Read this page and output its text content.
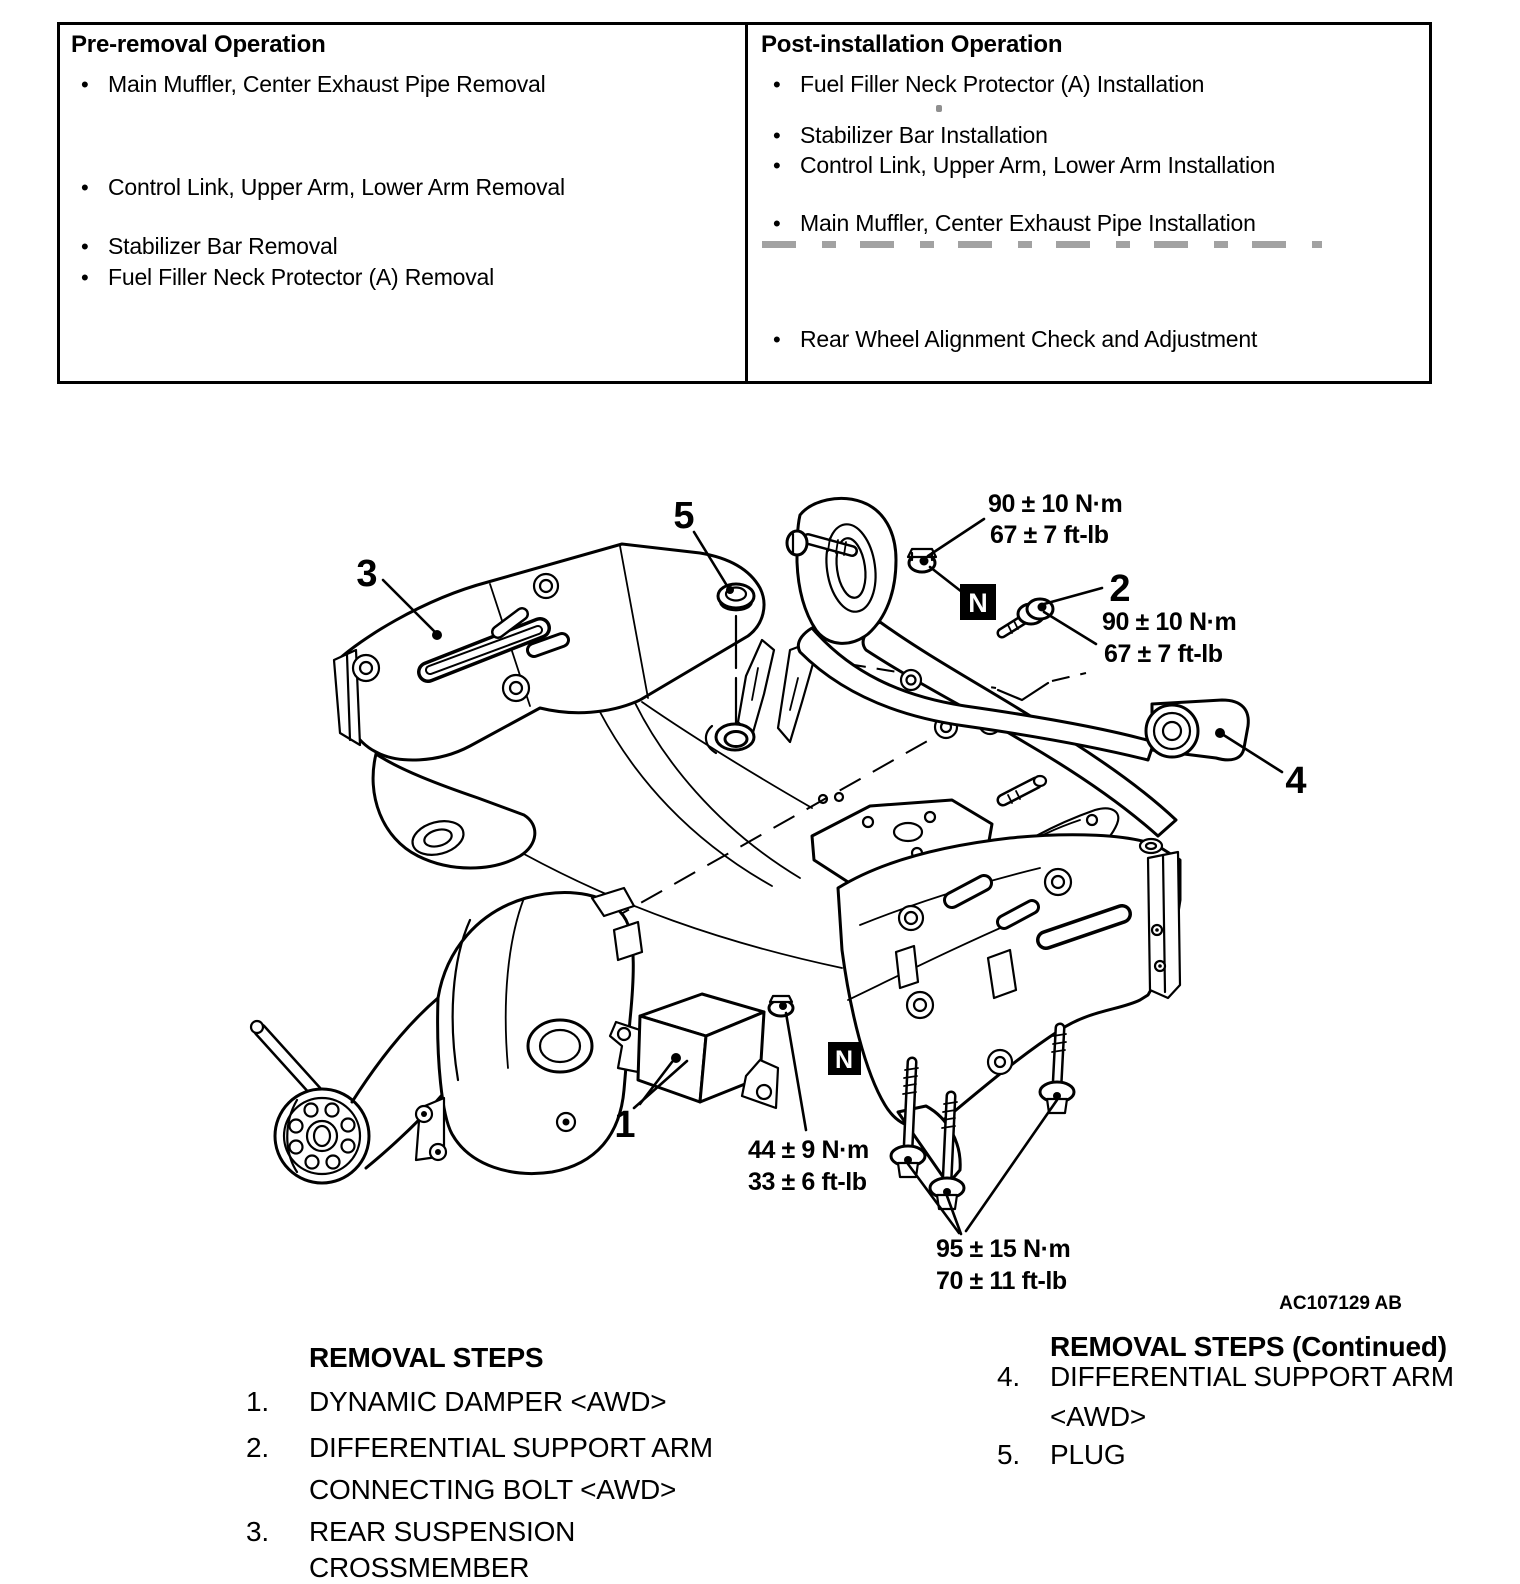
Pre-removal Operation
• Main Muffler, Center Exhaust Pipe Removal
• Control Link, Upper Arm, Lower Arm Removal
• Stabilizer Bar Removal
• Fuel Filler Neck Protector (A) Removal
Post-installation Operation
• Fuel Filler Neck Protector (A) Installation
• Stabilizer Bar Installation
• Control Link, Upper Arm, Lower Arm Installation
• Main Muffler, Center Exhaust Pipe Installation
• Rear Wheel Alignment Check and Adjustment
N
N
3
5
2
4
1
90 ± 10 N·m
67 ± 7 ft-lb
90 ± 10 N·m
67 ± 7 ft-lb
44 ± 9 N·m
33 ± 6 ft-lb
95 ± 15 N·m
70 ± 11 ft-lb
AC107129 AB
REMOVAL STEPS
1. DYNAMIC DAMPER <AWD>
2. DIFFERENTIAL SUPPORT ARM
CONNECTING BOLT <AWD>
3. REAR SUSPENSION
CROSSMEMBER
REMOVAL STEPS (Continued)
4. DIFFERENTIAL SUPPORT ARM
<AWD>
5. PLUG
